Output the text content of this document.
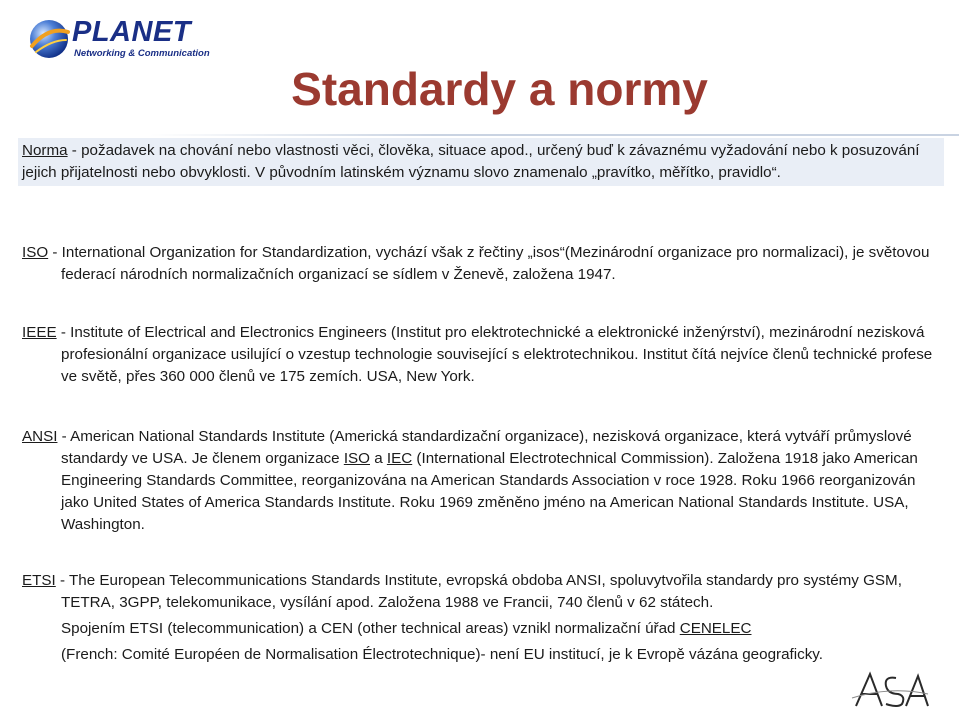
PLANET
Networking & Communication
Standardy a normy

Norma - požadavek na chování nebo vlastnosti věci, člověka, situace apod., určený buď k závaznému vyžadování nebo k posuzování jejich přijatelnosti nebo obvyklosti. V původním latinském významu slovo znamenalo „pravítko, měřítko, pravidlo“.

ISO - International Organization for Standardization, vychází však z řečtiny „isos“(Mezinárodní organizace pro normalizaci), je světovou federací národních normalizačních organizací se sídlem v Ženevě, založena 1947.

IEEE - Institute of Electrical and Electronics Engineers (Institut pro elektrotechnické a elektronické inženýrství), mezinárodní nezisková profesionální organizace usilující o vzestup technologie související s elektrotechnikou. Institut čítá nejvíce členů technické profese ve světě, přes 360 000 členů ve 175 zemích. USA, New York.

ANSI - American National Standards Institute (Americká standardizační organizace), nezisková organizace, která vytváří průmyslové standardy ve USA. Je členem organizace ISO a IEC (International Electrotechnical Commission). Založena 1918 jako American Engineering Standards Committee, reorganizována na American Standards Association v roce 1928. Roku 1966 reorganizován jako United States of America Standards Institute. Roku 1969 změněno jméno na American National Standards Institute. USA, Washington.

ETSI - The European Telecommunications Standards Institute, evropská obdoba ANSI, spoluvytvořila standardy pro systémy GSM, TETRA, 3GPP, telekomunikace, vysílání apod. Založena 1988 ve Francii, 740 členů v 62 státech.

Spojením ETSI (telecommunication) a CEN (other technical areas) vznikl normalizační úřad CENELEC

(French: Comité Européen de Normalisation Électrotechnique)- není EU institucí, je k Evropě vázána geograficky.
